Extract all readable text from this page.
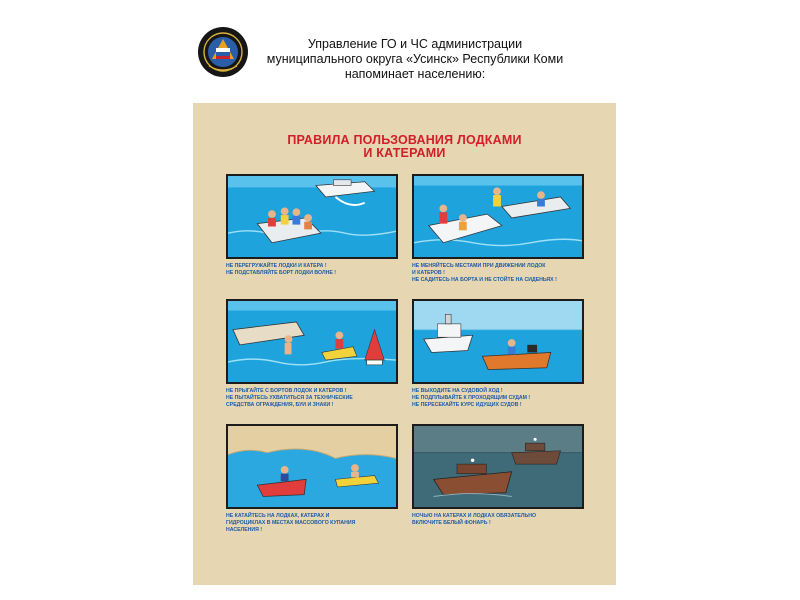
Управление ГО и ЧС администрации
муниципального округа «Усинск» Республики Коми
напоминает населению:
ПРАВИЛА ПОЛЬЗОВАНИЯ ЛОДКАМИ
И КАТЕРАМИ
НЕ ПЕРЕГРУЖАЙТЕ ЛОДКИ И КАТЕРА !
НЕ ПОДСТАВЛЯЙТЕ БОРТ ЛОДКИ ВОЛНЕ !
НЕ МЕНЯЙТЕСЬ МЕСТАМИ ПРИ ДВИЖЕНИИ ЛОДОК
И КАТЕРОВ !
НЕ САДИТЕСЬ НА БОРТА И НЕ СТОЙТЕ НА СИДЕНЬЯХ !
НЕ ПРЫГАЙТЕ С БОРТОВ ЛОДОК И КАТЕРОВ !
НЕ ПЫТАЙТЕСЬ УХВАТИТЬСЯ ЗА ТЕХНИЧЕСКИЕ
СРЕДСТВА ОГРАЖДЕНИЯ, БУИ И ЗНАКИ !
НЕ ВЫХОДИТЕ НА СУДОВОЙ ХОД !
НЕ ПОДПЛЫВАЙТЕ К ПРОХОДЯЩИМ СУДАМ !
НЕ ПЕРЕСЕКАЙТЕ КУРС ИДУЩИХ СУДОВ !
НЕ КАТАЙТЕСЬ НА ЛОДКАХ, КАТЕРАХ И
ГИДРОЦИКЛАХ В МЕСТАХ МАССОВОГО КУПАНИЯ
НАСЕЛЕНИЯ !
НОЧЬЮ НА КАТЕРАХ И ЛОДКАХ ОБЯЗАТЕЛЬНО
ВКЛЮЧИТЕ БЕЛЫЙ ФОНАРЬ !
